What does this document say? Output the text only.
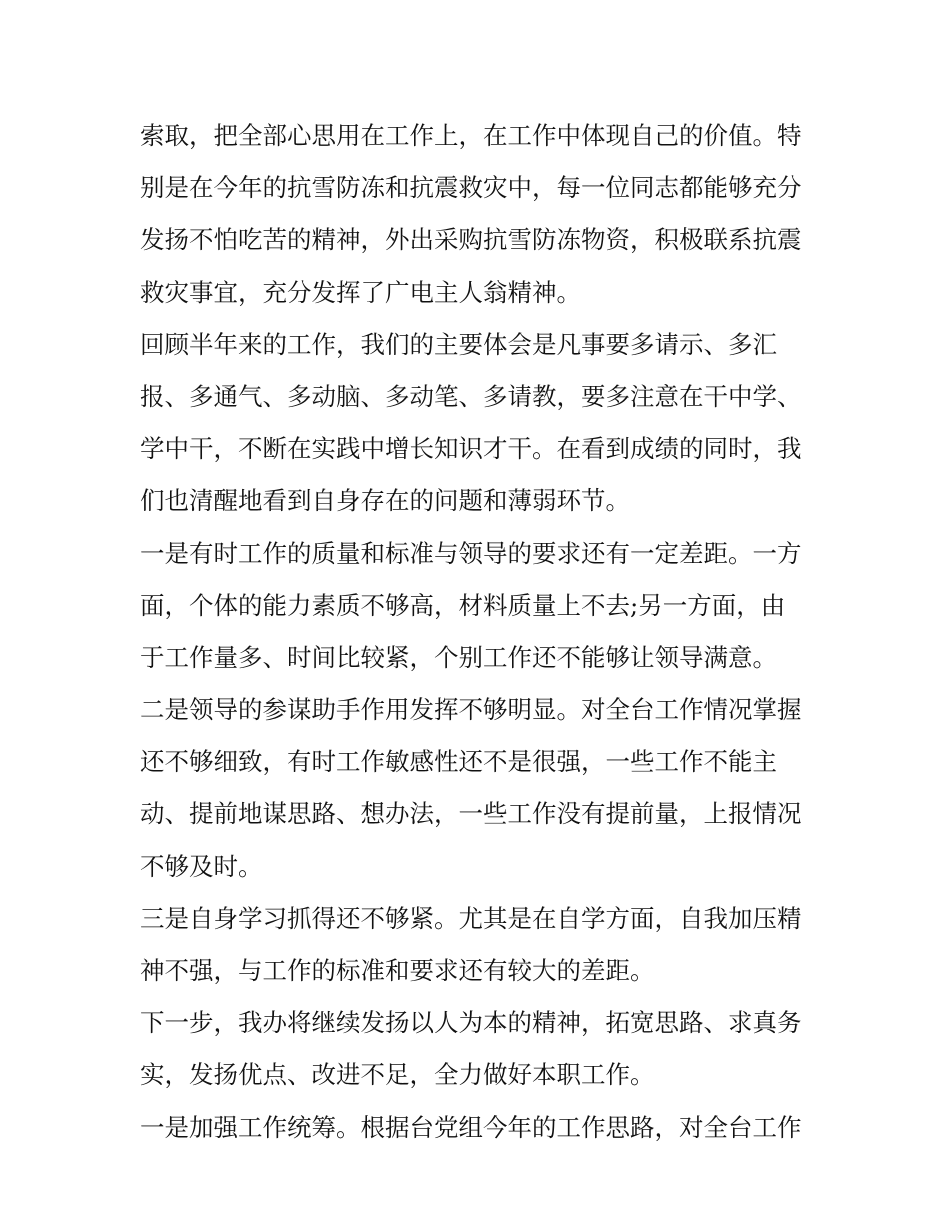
索取，把全部心思用在工作上，在工作中体现自己的价值。特
别是在今年的抗雪防冻和抗震救灾中，每一位同志都能够充分
发扬不怕吃苦的精神，外出采购抗雪防冻物资，积极联系抗震
救灾事宜，充分发挥了广电主人翁精神。
回顾半年来的工作，我们的主要体会是凡事要多请示、多汇
报、多通气、多动脑、多动笔、多请教，要多注意在干中学、
学中干，不断在实践中增长知识才干。在看到成绩的同时，我
们也清醒地看到自身存在的问题和薄弱环节。
一是有时工作的质量和标准与领导的要求还有一定差距。一方
面，个体的能力素质不够高，材料质量上不去;另一方面，由
于工作量多、时间比较紧，个别工作还不能够让领导满意。
二是领导的参谋助手作用发挥不够明显。对全台工作情况掌握
还不够细致，有时工作敏感性还不是很强，一些工作不能主
动、提前地谋思路、想办法，一些工作没有提前量，上报情况
不够及时。
三是自身学习抓得还不够紧。尤其是在自学方面，自我加压精
神不强，与工作的标准和要求还有较大的差距。
下一步，我办将继续发扬以人为本的精神，拓宽思路、求真务
实，发扬优点、改进不足，全力做好本职工作。
一是加强工作统筹。根据台党组今年的工作思路，对全台工作
